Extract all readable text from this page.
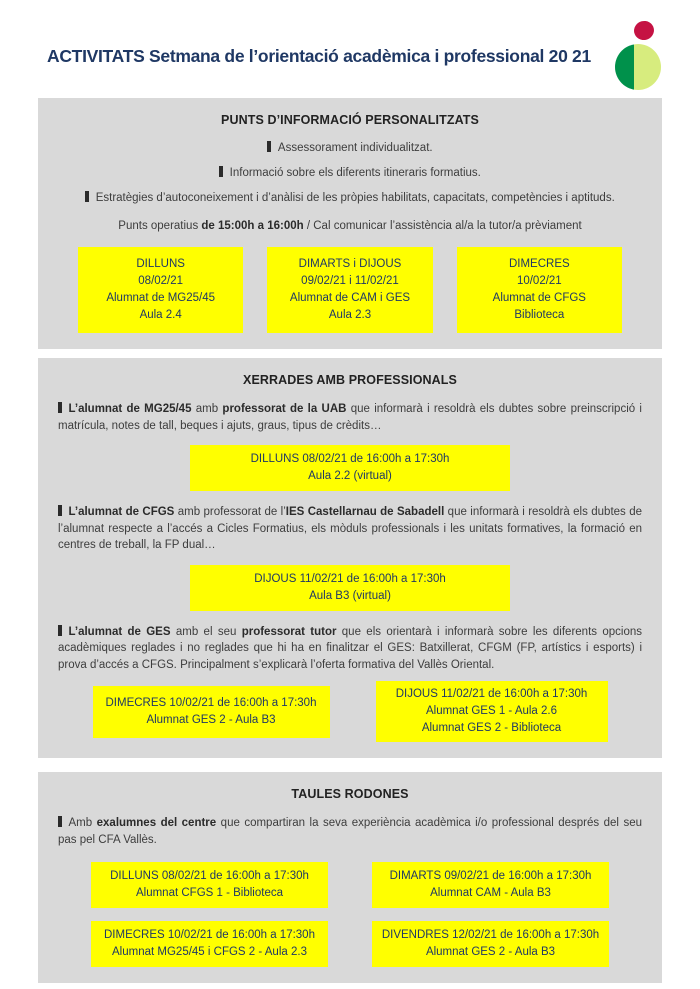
ACTIVITATS Setmana de l’orientació acadèmica i professional 20 21
PUNTS D’INFORMACIÓ PERSONALITZATS
Assessorament individualitzat.
Informació sobre els diferents itineraris formatius.
Estratègies d’autoconeixement i d’anàlisi de les pròpies habilitats, capacitats, competències i aptituds.

Punts operatius de 15:00h a 16:00h / Cal comunicar l’assistència al/a la tutor/a prèviament

DILLUNS
08/02/21
Alumnat de MG25/45
Aula 2.4
DIMARTS i DIJOUS
09/02/21 i 11/02/21
Alumnat de CAM i GES
Aula 2.3
DIMECRES
10/02/21
Alumnat de CFGS
Biblioteca
XERRADES AMB PROFESSIONALS

L’alumnat de MG25/45 amb professorat de la UAB que informarà i resoldrà els dubtes sobre preinscripció i matrícula, notes de tall, beques i ajuts, graus, tipus de crèdits…

DILLUNS 08/02/21 de 16:00h a 17:30h
Aula 2.2 (virtual)

L’alumnat de CFGS amb professorat de l’IES Castellarnau de Sabadell que informarà i resoldrà els dubtes de l’alumnat respecte a l’accés a Cicles Formatius, els mòduls professionals i les unitats formatives, la formació en centres de treball, la FP dual…

DIJOUS 11/02/21 de 16:00h a 17:30h
Aula B3 (virtual)

L’alumnat de GES amb el seu professorat tutor que els orientarà i informarà sobre les diferents opcions acadèmiques reglades i no reglades que hi ha en finalitzar el GES: Batxillerat, CFGM (FP, artístics i esports) i prova d’accés a CFGS. Principalment s’explicarà l’oferta formativa del Vallès Oriental.

DIMECRES 10/02/21 de 16:00h a 17:30h
Alumnat GES 2 - Aula B3
DIJOUS 11/02/21 de 16:00h a 17:30h
Alumnat GES 1 - Aula 2.6
Alumnat GES 2 - Biblioteca
TAULES RODONES

Amb exalumnes del centre que compartiran la seva experiència acadèmica i/o professional després del seu pas pel CFA Vallès.

DILLUNS 08/02/21 de 16:00h a 17:30h
Alumnat CFGS 1 - Biblioteca
DIMARTS 09/02/21 de 16:00h a 17:30h
Alumnat CAM - Aula B3
DIMECRES 10/02/21 de 16:00h a 17:30h
Alumnat MG25/45 i CFGS 2 - Aula 2.3
DIVENDRES 12/02/21 de 16:00h a 17:30h
Alumnat GES 2 - Aula B3
